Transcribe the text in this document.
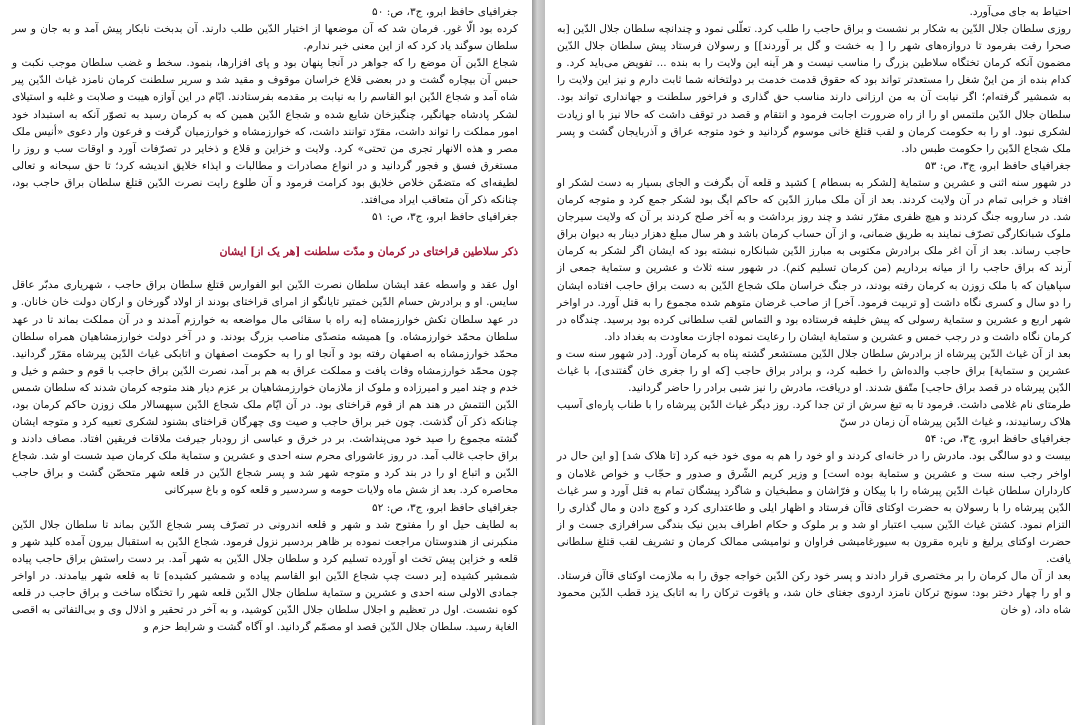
جغرافیای حافظ ابرو، ج۳، ص: ۵۰

کرده بود الّا غور. فرمان شد که آن موضعها از اختیار الدّین طلب دارند. آن بدبخت نابکار پیش آمد و به جان و سر سلطان سوگند یاد کرد که از این معنی خبر ندارم.

شجاع الدّین آن موضع را که جواهر در آنجا پنهان بود و پای افزارها، بنمود. سخط و غضب سلطان موجب نکبت و حبس آن بیچاره گشت و در بعضی قلاع خراسان موقوف و مقید شد و سریر سلطنت کرمان نامزد غیاث الدّین پیر شاه آمد و شجاع الدّین ابو القاسم را به نیابت بر مقدمه بفرستادند. ایّام در این آوازه هیبت و صلابت و غلبه و استیلای لشکر پادشاه جهانگیر، چنگیزخان شایع شده و شجاع الدّین همین که به کرمان رسید به تصوّر آنکه به استبداد خود امور مملکت را تواند داشت، مقرّد توانند داشت، که خوارزمشاه و خوارزمیان گرفت و فرعون وار دعوی «أنیس ملک مصر و هذه الانهار تجری من تحتی» کرد. ولایت و خزاین و قلاع و ذخایر در تصرّفات آورد و اوقات سب و روز را مستغرق فسق و فجور گردانید و در انواع مصادرات و مطالبات و ایذاء خلایق اندیشه کرد؛ تا حق سبحانه و تعالی لطیفه‌ای که متضمّن خلاص خلایق بود کرامت فرمود و آن طلوع رایت نصرت الدّین قتلغ سلطان براق حاجب بود، چنانکه ذکر آن متعاقب ایراد می‌افتد.

جغرافیای حافظ ابرو، ج۳، ص: ۵۱

ذکر سلاطین قراختای در کرمان و مدّت سلطنت [هر یک از] ایشان

اول عقد و واسطه عقد ایشان سلطان نصرت الدّین ابو الفوارس قتلغ سلطان براق حاجب ، شهریاری مدبّر عاقل سایس. او و برادرش حسام الدّین خمتیر تایانگو از امرای قراختای بودند از اولاد گورخان و ارکان دولت خان خانان. و در عهد سلطان تکش خوارزمشاه [به راه با سقائی مال مواضعه به خوارزم آمدند و در آن مملکت بماند تا در عهد سلطان محمّد خوارزمشاه. و] همیشه متصدّی مناصب بزرگ بودند. و در آخر دولت خوارزمشاهیان همراه سلطان محمّد خوارزمشاه به اصفهان رفته بود و آنجا او را به حکومت اصفهان و اتابکی غیاث الدّین پیرشاه مقرّر گردانید. چون محمّد خوارزمشاه وفات یافت و مملکت عراق به هم بر آمد، نصرت الدّین براق حاجب با قوم و حشم و خیل و خدم و چند امیر و امیرزاده و ملوک از ملازمان خوارزمشاهیان بر عزم دیار هند متوجه کرمان شدند که سلطان شمس الدّین التتمش در هند هم از قوم قراختای بود. در آن ایّام ملک شجاع الدّین سپهسالار ملک زوزن حاکم کرمان بود، چنانکه ذکر آن گذشت. چون خبر براق حاجب و صیت وی چهرگان قراختای بشنود لشکری تعبیه کرد و متوجه ایشان گشته مجموع را صید خود می‌پنداشت. بر در خرق و عباسی از رودبار جیرفت ملاقات فریقین افتاد. مصاف دادند و براق حاجب غالب آمد. در روز عاشورای محرم سنه احدی و عشرین و ستمایة ملک کرمان صید شست او شد. شجاع الدّین و اتباع او را در بند کرد و متوجه شهر شد و پسر شجاع الدّین در قلعه شهر متحصّن گشت و براق حاجب محاصره کرد. بعد از شش ماه ولایات حومه و سردسیر و قلعه کوه و باغ سیرکانی

جغرافیای حافظ ابرو، ج۳، ص: ۵۲

به لطایف حیل او را مفتوح شد و شهر و قلعه اندرونی در تصرّف پسر شجاع الدّین بماند تا سلطان جلال الدّین منکبرنی از هندوستان مراجعت نموده بر ظاهر بردسیر نزول فرمود. شجاع الدّین به استقبال بیرون آمده کلید شهر و قلعه و خزاین پیش تخت او آورده تسلیم کرد و سلطان جلال الدّین به شهر آمد. بر دست راستش براق حاجب پیاده شمشیر کشیده [بر دست چپ شجاع الدّین ابو القاسم پیاده و شمشیر کشیده] تا به قلعه شهر بیامدند. در اواخر جمادی الاولی سنه احدی و عشرین و ستمایة سلطان جلال الدّین قلعه شهر را تختگاه ساخت و براق حاجب در قلعه کوه نشست. اول در تعظیم و اجلال سلطان جلال الدّین کوشید، و به آخر در تحقیر و اذلال وی و بی‌التفاتی به اقصی الغایة رسید. سلطان جلال الدّین قصد او مصمّم گردانید. او آگاه گشت و شرایط حزم و

احتیاط به جای می‌آورد.

روزی سلطان جلال الدّین به شکار بر نشست و براق حاجب را طلب کرد. تعلّلی نمود و چندانچه سلطان جلال الدّین [به صحرا رفت بفرمود تا دروازه‌های شهر را [ به خشت و گل بر آوردند]] و رسولان فرستاد پیش سلطان جلال الدّین مضمون آنکه کرمان تختگاه سلاطین بزرگ را مناسب نیست و هر آینه این ولایت را به بنده ... تفویض می‌باید کرد. و کدام بنده از من اینْ شغل را مستعدتر تواند بود که حقوق قدمت خدمت بر دولتخانه شما ثابت دارم و نیز این ولایت را به شمشیر گرفته‌ام؛ اگر نیابت آن به من ارزانی دارند مناسب حق گذاری و فراخور سلطنت و جهانداری تواند بود. سلطان جلال الدّین ملتمس او را از راه ضرورت اجابت فرمود و انتقام و قصد در توقف داشت که حالا نیز با او زیادت لشکری نبود. او را به حکومت کرمان و لقب قتلغ خانی موسوم گردانید و خود متوجه عراق و آذربایجان گشت و پسر ملک شجاع الدّین را حکومت طبس داد.

جغرافیای حافظ ابرو، ج۳، ص: ۵۳

در شهور سنه اثنی و عشرین و ستمایة [لشکر به بسطام ] کشید و قلعه آن بگرفت و الجای بسیار به دست لشکر او افتاد و خرابی تمام در آن ولایت کردند. بعد از آن ملک مبارز الدّین که حاکم ایگ بود لشکر جمع کرد و متوجه کرمان شد. در ساروبه جنگ کردند و هیچ ظفری مقرّر نشد و چند روز برداشت و به آخر صلح کردند بر آن که ولایت سیرجان ملوک شبانکارگی تصرّف نمایند به طریق ضمانی، و از آن حساب کرمان باشد و هر سال مبلغ دهزار دینار به دیوان براق حاجب رساند. بعد از آن اغر ملک برادرش مکتوبی به مبارز الدّین شبانکاره نبشته بود که ایشان اگر لشکر به کرمان آرند که براق حاجب را از میانه برداریم (من کرمان تسلیم کنم). در شهور سنه ثلاث و عشرین و ستمایة جمعی از سپاهیان که با ملک زوزن به کرمان رفته بودند، در جنگ خراسان ملک شجاع الدّین به دست براق حاجب افتاده ایشان را دو سال و کسری نگاه داشت [و تربیت فرمود. آخر] از صاحب غرضان متوهم شده مجموع را به قتل آورد. در اواخر شهر اربع و عشرین و ستمایة رسولی که پیش خلیفه فرستاده بود و التماس لقب سلطانی کرده بود برسید. چندگاه در کرمان نگاه داشت و در رجب خمس و عشرین و ستمایة ایشان را رعایت نموده اجازت معاودت به بغداد داد.

بعد از آن غیاث الدّین پیرشاه از برادرش سلطان جلال الدّین مستشعر گشته پناه به کرمان آورد. [در شهور سنه ست و عشرین و ستمایة] براق حاجب والده‌اش را خطبه کرد، و برادر براق حاجب [که او را جغری خان گفتندی]، با غیاث الدّین پیرشاه در قصد براق حاجب] متّفق شدند. او دریافت، مادرش را نیز شبی برادر را حاضر گردانید.

طرمتای نام غلامی داشت. فرمود تا به تیغ سرش از تن جدا کرد. روز دیگر غیاث الدّین پیرشاه را با طناب پاره‌ای آسیب هلاک رسانیدند، و غیاث الدّین پیرشاه آن زمان در سنّ

جغرافیای حافظ ابرو، ج۳، ص: ۵۴

بیست و دو سالگی بود. مادرش را در خانه‌ای کردند و او خود را هم به موی خود خبه کرد [تا هلاک شد] [و این حال در اواخر رجب سنه ست و عشرین و ستمایة بوده است] و وزیر کریم الشّرق و صدور و حجّاب و خواص غلامان و کارداران سلطان غیاث الدّین پیرشاه را با پیکان و فرّاشان و مطبخیان و شاگرد پیشگان تمام به قتل آورد و سر غیاث الدّین پیرشاه را با رسولان به حضرت اوکتای قاآن فرستاد و اظهار ایلی و طاعتداری کرد و کوچ دادن و مال گذاری را التزام نمود. کشتن غیاث الدّین سبب اعتبار او شد و بر ملوک و حکام اطراف بدین نیک بندگی سرافرازی جست و از حضرت اوکتای یرلیغ و نایره مقرون به سیورغامیشی فراوان و نوامیشی ممالک کرمان و تشریف لقب قتلغ سلطانی یافت.

بعد از آن مال کرمان را بر مختصری قرار دادند و پسر خود رکن الدّین خواجه جوق را به ملازمت اوکتای قاآن فرستاد. و او را چهار دختر بود: سونج ترکان نامزد اردوی جغتای خان شد، و یاقوت ترکان را به اتابک یزد قطب الدّین محمود شاه داد، (و خان
